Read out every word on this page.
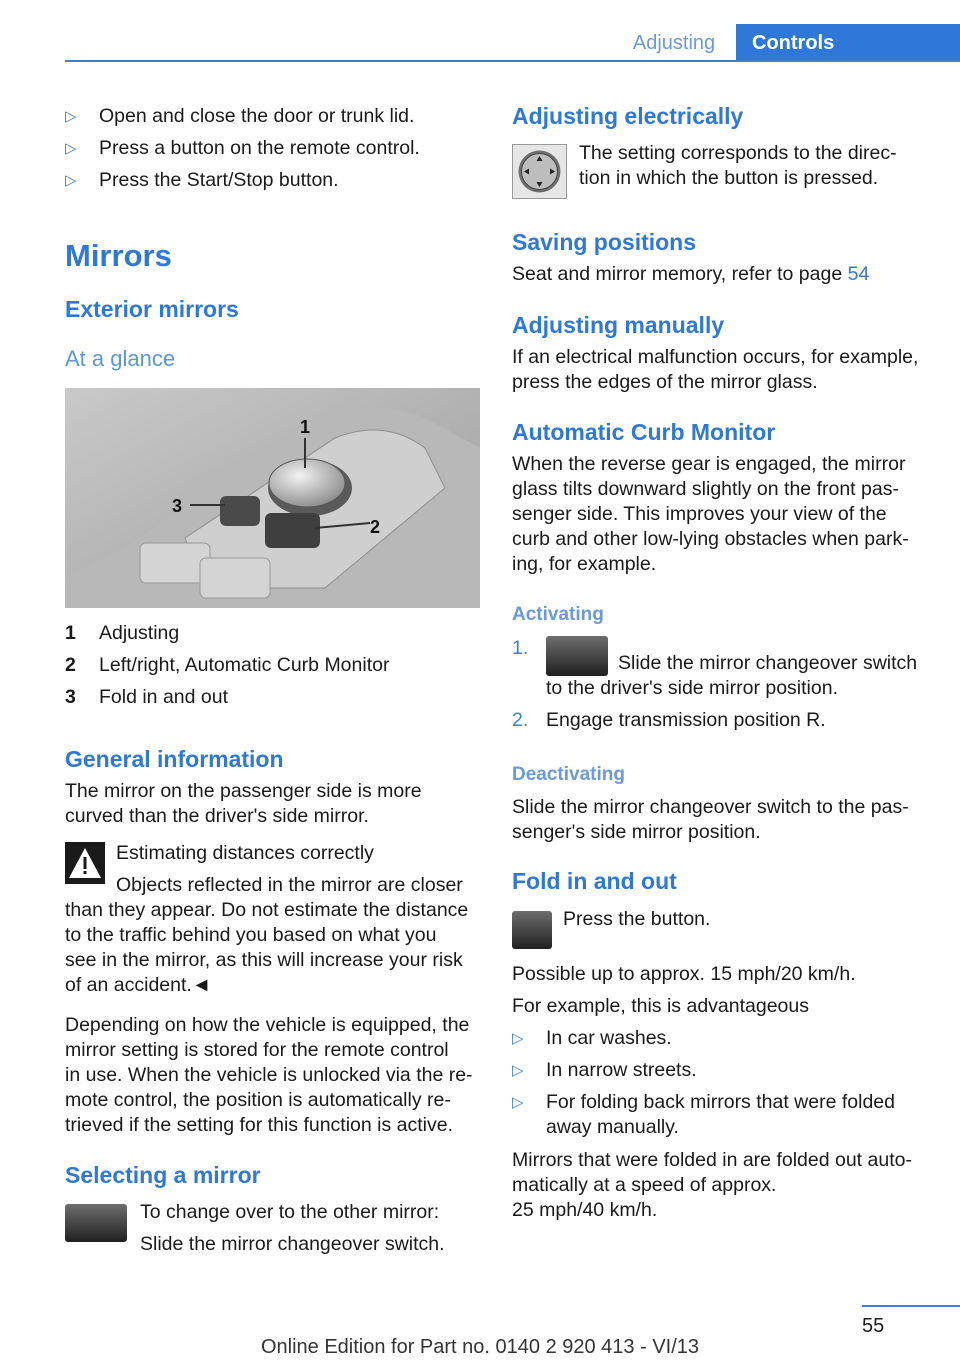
Adjusting	Controls
▷	Open and close the door or trunk lid.
▷	Press a button on the remote control.
▷	Press the Start/Stop button.
Mirrors
Exterior mirrors
At a glance
1
2
3
1	Adjusting
2	Left/right, Automatic Curb Monitor
3	Fold in and out
General information
The mirror on the passenger side is more
curved than the driver's side mirror.
Estimating distances correctly
Objects reflected in the mirror are closer
than they appear. Do not estimate the distance
to the traffic behind you based on what you
see in the mirror, as this will increase your risk
of an accident.◄
Depending on how the vehicle is equipped, the
mirror setting is stored for the remote control
in use. When the vehicle is unlocked via the re‐
mote control, the position is automatically re‐
trieved if the setting for this function is active.
Selecting a mirror
To change over to the other mirror:
Slide the mirror changeover switch.
Adjusting electrically
The setting corresponds to the direc‐
tion in which the button is pressed.
Saving positions
Seat and mirror memory, refer to page 54
Adjusting manually
If an electrical malfunction occurs, for example,
press the edges of the mirror glass.
Automatic Curb Monitor
When the reverse gear is engaged, the mirror
glass tilts downward slightly on the front pas‐
senger side. This improves your view of the
curb and other low-lying obstacles when park‐
ing, for example.
Activating
1.
Slide the mirror changeover switch
to the driver's side mirror position.
2. Engage transmission position R.
Deactivating
Slide the mirror changeover switch to the pas‐
senger's side mirror position.
Fold in and out
Press the button.
Possible up to approx. 15 mph/20 km/h.
For example, this is advantageous
▷	In car washes.
▷	In narrow streets.
▷	For folding back mirrors that were folded
away manually.
Mirrors that were folded in are folded out auto‐
matically at a speed of approx.
25 mph/40 km/h.
55
Online Edition for Part no. 0140 2 920 413 - VI/13
